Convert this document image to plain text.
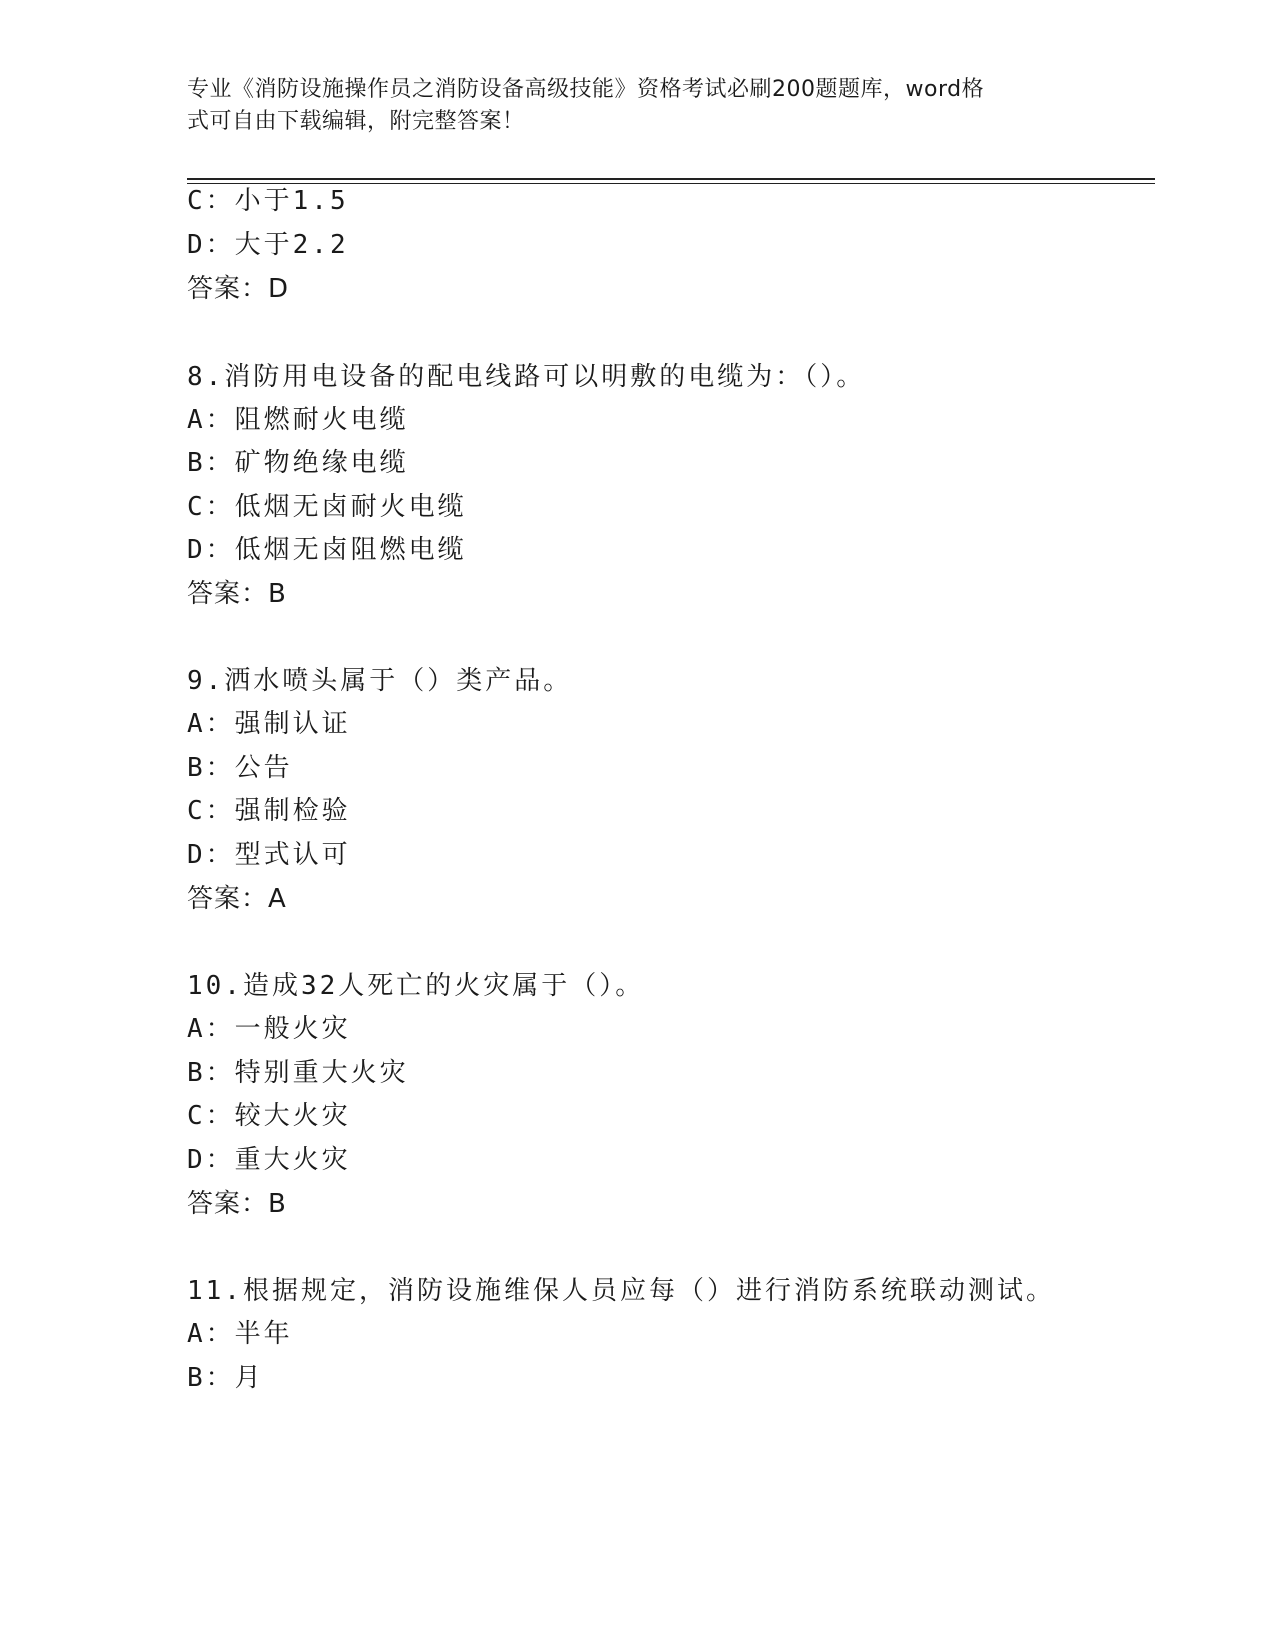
专业《消防设施操作员之消防设备高级技能》资格考试必刷200题题库，word格
式可自由下载编辑，附完整答案！
C：小于1.5
D：大于2.2
答案：D
8.消防用电设备的配电线路可以明敷的电缆为：（）。
A：阻燃耐火电缆
B：矿物绝缘电缆
C：低烟无卤耐火电缆
D：低烟无卤阻燃电缆
答案：B
9.洒水喷头属于（）类产品。
A：强制认证
B：公告
C：强制检验
D：型式认可
答案：A
10.造成32人死亡的火灾属于（）。
A：一般火灾
B：特别重大火灾
C：较大火灾
D：重大火灾
答案：B
11.根据规定，消防设施维保人员应每（）进行消防系统联动测试。
A：半年
B：月
